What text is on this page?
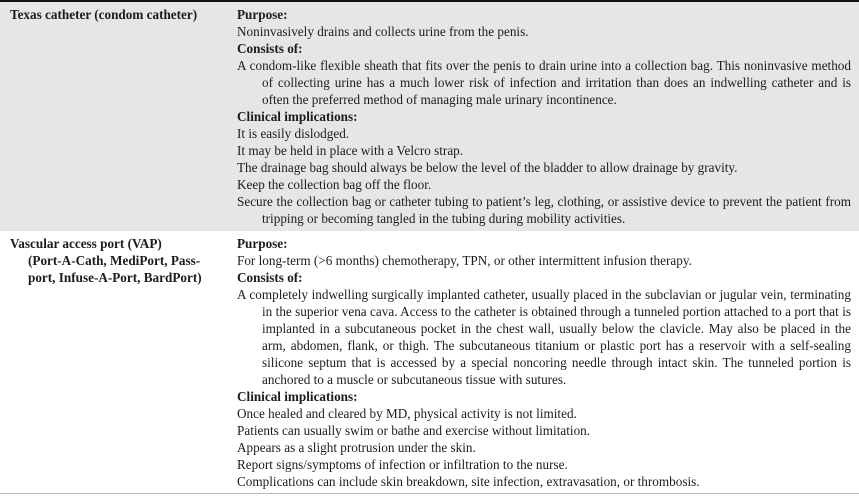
Texas catheter (condom catheter)	Purpose:

Noninvasively drains and collects urine from the penis.

Consists of:

A condom-like flexible sheath that fits over the penis to drain urine into a collection bag. This noninvasive method of collecting urine has a much lower risk of infection and irritation than does an indwelling catheter and is often the preferred method of managing male urinary incontinence.

Clinical implications:

It is easily dislodged.

It may be held in place with a Velcro strap.

The drainage bag should always be below the level of the bladder to allow drainage by gravity.

Keep the collection bag off the floor.

Secure the collection bag or catheter tubing to patient’s leg, clothing, or assistive device to prevent the patient from tripping or becoming tangled in the tubing during mobility activities.

Vascular access port (VAP)
(Port-A-Cath, MediPort, Pass-port, Infuse-A-Port, BardPort)
Purpose:

For long-term (>6 months) chemotherapy, TPN, or other intermittent infusion therapy.

Consists of:

A completely indwelling surgically implanted catheter, usually placed in the subclavian or jugular vein, terminating in the superior vena cava. Access to the catheter is obtained through a tunneled portion attached to a port that is implanted in a subcutaneous pocket in the chest wall, usually below the clavicle. May also be placed in the arm, abdomen, flank, or thigh. The subcutaneous titanium or plastic port has a reservoir with a self-sealing silicone septum that is accessed by a special noncoring needle through intact skin. The tunneled portion is anchored to a muscle or subcutaneous tissue with sutures.

Clinical implications:

Once healed and cleared by MD, physical activity is not limited.

Patients can usually swim or bathe and exercise without limitation.

Appears as a slight protrusion under the skin.

Report signs/symptoms of infection or infiltration to the nurse.

Complications can include skin breakdown, site infection, extravasation, or thrombosis.
